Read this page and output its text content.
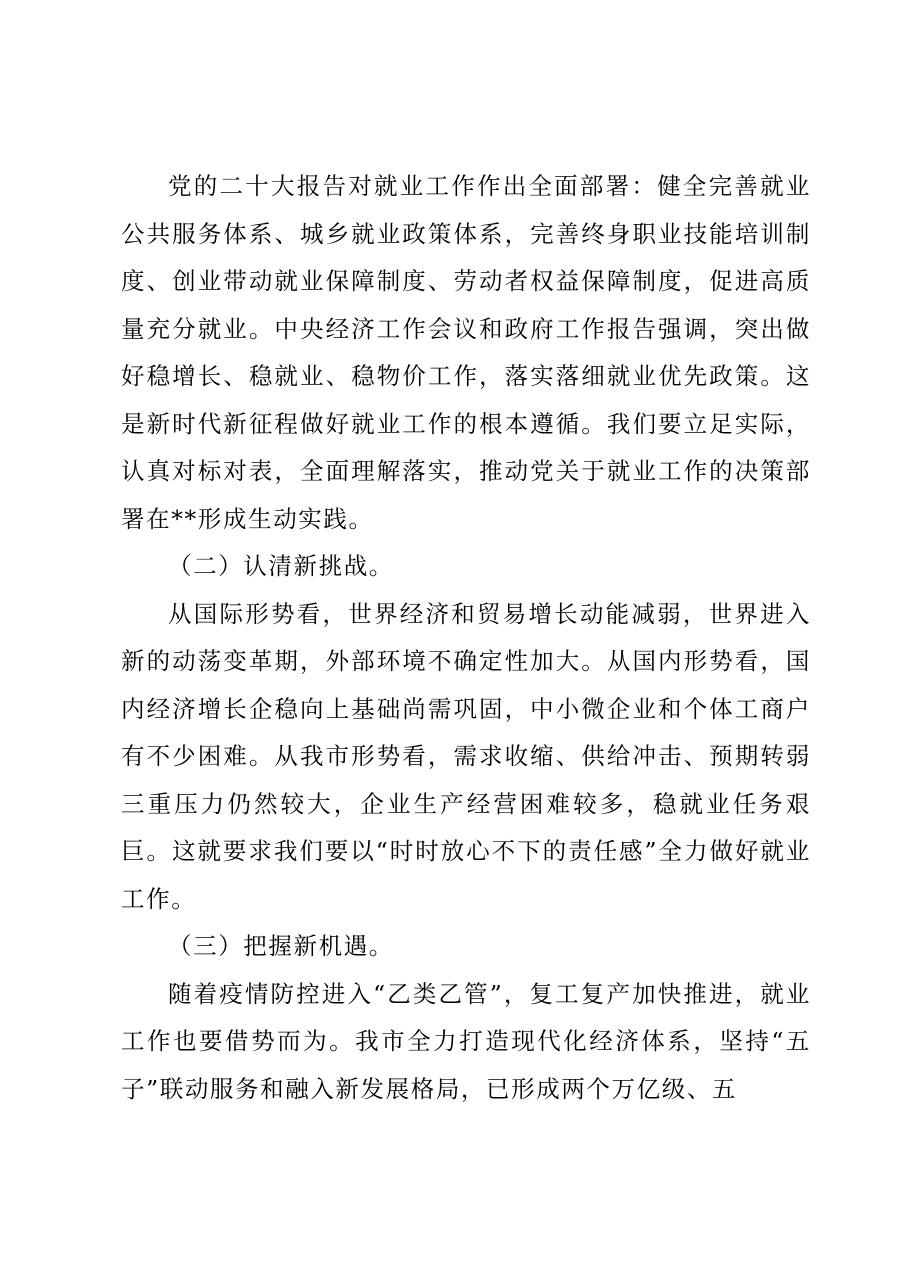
党的二十大报告对就业工作作出全面部署：健全完善就业公共服务体系、城乡就业政策体系，完善终身职业技能培训制度、创业带动就业保障制度、劳动者权益保障制度，促进高质量充分就业。中央经济工作会议和政府工作报告强调，突出做好稳增长、稳就业、稳物价工作，落实落细就业优先政策。这是新时代新征程做好就业工作的根本遵循。我们要立足实际，认真对标对表，全面理解落实，推动党关于就业工作的决策部署在**形成生动实践。

（二）认清新挑战。

从国际形势看，世界经济和贸易增长动能减弱，世界进入新的动荡变革期，外部环境不确定性加大。从国内形势看，国内经济增长企稳向上基础尚需巩固，中小微企业和个体工商户有不少困难。从我市形势看，需求收缩、供给冲击、预期转弱三重压力仍然较大，企业生产经营困难较多，稳就业任务艰巨。这就要求我们要以“时时放心不下的责任感”全力做好就业工作。

（三）把握新机遇。

随着疫情防控进入“乙类乙管”，复工复产加快推进，就业工作也要借势而为。我市全力打造现代化经济体系，坚持“五子”联动服务和融入新发展格局，已形成两个万亿级、五
